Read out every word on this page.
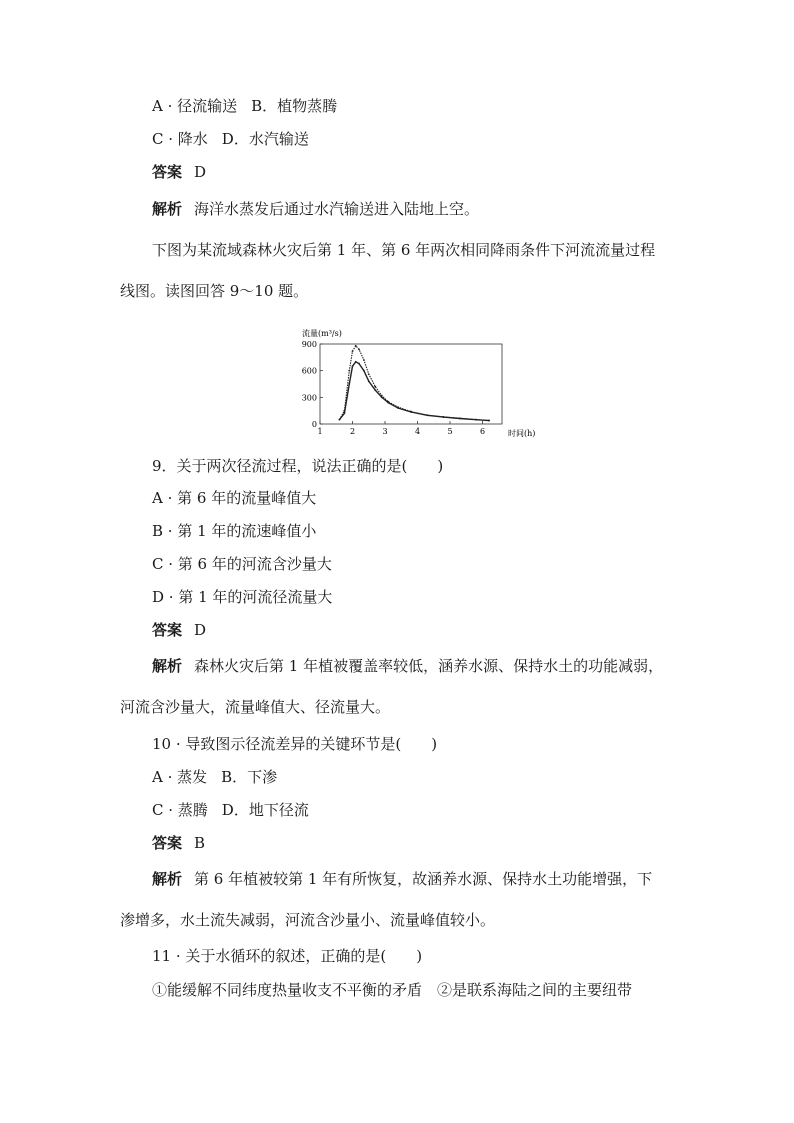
A · 径流输送 B．植物蒸腾
C · 降水 D．水汽输送
答案 D
解析 海洋水蒸发后通过水汽输送进入陆地上空。
下图为某流域森林火灾后第 1 年、第 6 年两次相同降雨条件下河流流量过程
线图。读图回答 9～10 题。
流量(m³/s)
0
300
600
900
1	2	3	4	5	6	时间(h)
9．关于两次径流过程，说法正确的是(　　)
A · 第 6 年的流量峰值大
B · 第 1 年的流速峰值小
C · 第 6 年的河流含沙量大
D · 第 1 年的河流径流量大
答案 D
解析 森林火灾后第 1 年植被覆盖率较低，涵养水源、保持水土的功能减弱，
河流含沙量大，流量峰值大、径流量大。
10 · 导致图示径流差异的关键环节是(　　)
A · 蒸发 B．下渗
C · 蒸腾 D．地下径流
答案 B
解析 第 6 年植被较第 1 年有所恢复，故涵养水源、保持水土功能增强，下
渗增多，水土流失减弱，河流含沙量小、流量峰值较小。
11 · 关于水循环的叙述，正确的是(　　)
①能缓解不同纬度热量收支不平衡的矛盾　②是联系海陆之间的主要纽带
